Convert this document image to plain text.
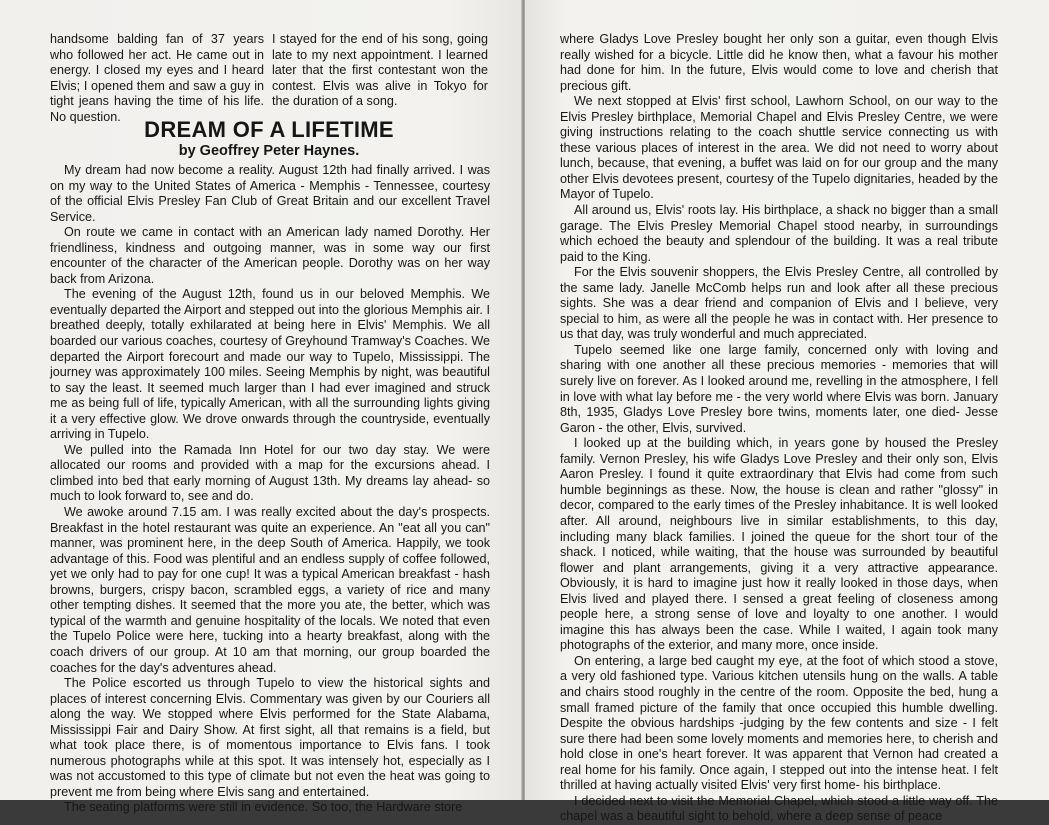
handsome balding fan of 37 years who followed her act. He came out in energy. I closed my eyes and I heard Elvis; I opened them and saw a guy in tight jeans having the time of his life. No question.

I stayed for the end of his song, going late to my next appointment. I learned later that the first contestant won the contest. Elvis was alive in Tokyo for the duration of a song.

DREAM OF A LIFETIME
by Geoffrey Peter Haynes.

My dream had now become a reality. August 12th had finally arrived. I was on my way to the United States of America - Memphis - Tennessee, courtesy of the official Elvis Presley Fan Club of Great Britain and our excellent Travel Service.

On route we came in contact with an American lady named Dorothy. Her friendliness, kindness and outgoing manner, was in some way our first encounter of the character of the American people. Dorothy was on her way back from Arizona.

The evening of the August 12th, found us in our beloved Memphis. We eventually departed the Airport and stepped out into the glorious Memphis air. I breathed deeply, totally exhilarated at being here in Elvis' Memphis. We all boarded our various coaches, courtesy of Greyhound Tramway's Coaches. We departed the Airport forecourt and made our way to Tupelo, Mississippi. The journey was approximately 100 miles. Seeing Memphis by night, was beautiful to say the least. It seemed much larger than I had ever imagined and struck me as being full of life, typically American, with all the surrounding lights giving it a very effective glow. We drove onwards through the countryside, eventually arriving in Tupelo.

We pulled into the Ramada Inn Hotel for our two day stay. We were allocated our rooms and provided with a map for the excursions ahead. I climbed into bed that early morning of August 13th. My dreams lay ahead- so much to look forward to, see and do.

We awoke around 7.15 am. I was really excited about the day's prospects. Breakfast in the hotel restaurant was quite an experience. An "eat all you can" manner, was prominent here, in the deep South of America. Happily, we took advantage of this. Food was plentiful and an endless supply of coffee followed, yet we only had to pay for one cup! It was a typical American breakfast - hash browns, burgers, crispy bacon, scrambled eggs, a variety of rice and many other tempting dishes. It seemed that the more you ate, the better, which was typical of the warmth and genuine hospitality of the locals. We noted that even the Tupelo Police were here, tucking into a hearty breakfast, along with the coach drivers of our group. At 10 am that morning, our group boarded the coaches for the day's adventures ahead.

The Police escorted us through Tupelo to view the historical sights and places of interest concerning Elvis. Commentary was given by our Couriers all along the way. We stopped where Elvis performed for the State Alabama, Mississippi Fair and Dairy Show. At first sight, all that remains is a field, but what took place there, is of momentous importance to Elvis fans. I took numerous photographs while at this spot. It was intensely hot, especially as I was not accustomed to this type of climate but not even the heat was going to prevent me from being where Elvis sang and entertained.

The seating platforms were still in evidence. So too, the Hardware store

where Gladys Love Presley bought her only son a guitar, even though Elvis really wished for a bicycle. Little did he know then, what a favour his mother had done for him. In the future, Elvis would come to love and cherish that precious gift.

We next stopped at Elvis' first school, Lawhorn School, on our way to the Elvis Presley birthplace, Memorial Chapel and Elvis Presley Centre, we were giving instructions relating to the coach shuttle service connecting us with these various places of interest in the area. We did not need to worry about lunch, because, that evening, a buffet was laid on for our group and the many other Elvis devotees present, courtesy of the Tupelo dignitaries, headed by the Mayor of Tupelo.

All around us, Elvis' roots lay. His birthplace, a shack no bigger than a small garage. The Elvis Presley Memorial Chapel stood nearby, in surroundings which echoed the beauty and splendour of the building. It was a real tribute paid to the King.

For the Elvis souvenir shoppers, the Elvis Presley Centre, all controlled by the same lady. Janelle McComb helps run and look after all these precious sights. She was a dear friend and companion of Elvis and I believe, very special to him, as were all the people he was in contact with. Her presence to us that day, was truly wonderful and much appreciated.

Tupelo seemed like one large family, concerned only with loving and sharing with one another all these precious memories - memories that will surely live on forever. As I looked around me, revelling in the atmosphere, I fell in love with what lay before me - the very world where Elvis was born. January 8th, 1935, Gladys Love Presley bore twins, moments later, one died- Jesse Garon - the other, Elvis, survived.

I looked up at the building which, in years gone by housed the Presley family. Vernon Presley, his wife Gladys Love Presley and their only son, Elvis Aaron Presley. I found it quite extraordinary that Elvis had come from such humble beginnings as these. Now, the house is clean and rather "glossy" in decor, compared to the early times of the Presley inhabitance. It is well looked after. All around, neighbours live in similar establishments, to this day, including many black families. I joined the queue for the short tour of the shack. I noticed, while waiting, that the house was surrounded by beautiful flower and plant arrangements, giving it a very attractive appearance. Obviously, it is hard to imagine just how it really looked in those days, when Elvis lived and played there. I sensed a great feeling of closeness among people here, a strong sense of love and loyalty to one another. I would imagine this has always been the case. While I waited, I again took many photographs of the exterior, and many more, once inside.

On entering, a large bed caught my eye, at the foot of which stood a stove, a very old fashioned type. Various kitchen utensils hung on the walls. A table and chairs stood roughly in the centre of the room. Opposite the bed, hung a small framed picture of the family that once occupied this humble dwelling. Despite the obvious hardships -judging by the few contents and size - I felt sure there had been some lovely moments and memories here, to cherish and hold close in one's heart forever. It was apparent that Vernon had created a real home for his family. Once again, I stepped out into the intense heat. I felt thrilled at having actually visited Elvis' very first home- his birthplace.

I decided next to visit the Memorial Chapel, which stood a little way off. The chapel was a beautiful sight to behold, where a deep sense of peace
